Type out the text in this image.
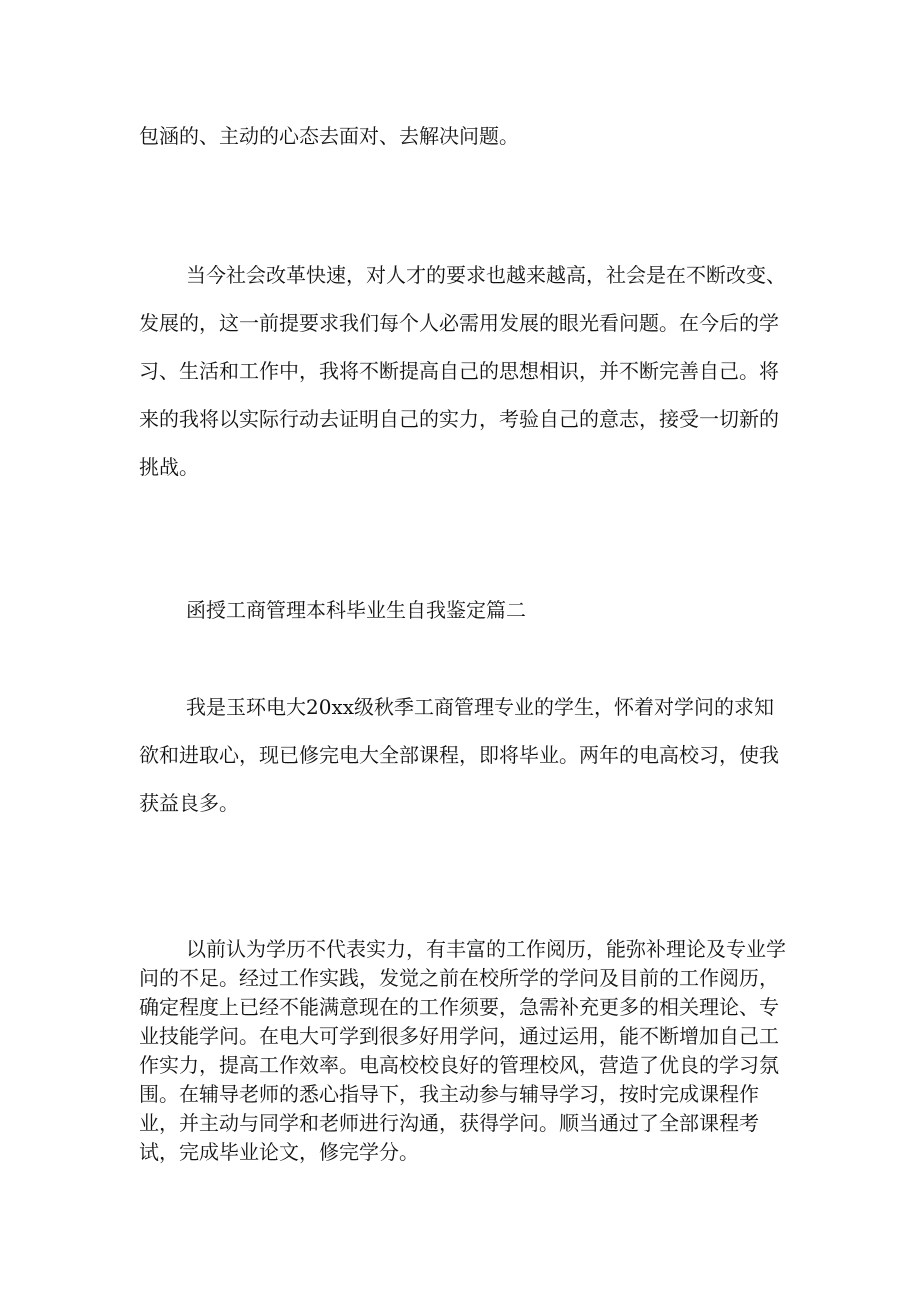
包涵的、主动的心态去面对、去解决问题。

当今社会改革快速，对人才的要求也越来越高，社会是在不断改变、发展的，这一前提要求我们每个人必需用发展的眼光看问题。在今后的学习、生活和工作中，我将不断提高自己的思想相识，并不断完善自己。将来的我将以实际行动去证明自己的实力，考验自己的意志，接受一切新的挑战。

函授工商管理本科毕业生自我鉴定篇二

我是玉环电大20xx级秋季工商管理专业的学生，怀着对学问的求知欲和进取心，现已修完电大全部课程，即将毕业。两年的电高校习，使我获益良多。

以前认为学历不代表实力，有丰富的工作阅历，能弥补理论及专业学问的不足。经过工作实践，发觉之前在校所学的学问及目前的工作阅历，确定程度上已经不能满意现在的工作须要，急需补充更多的相关理论、专业技能学问。在电大可学到很多好用学问，通过运用，能不断增加自己工作实力，提高工作效率。电高校校良好的管理校风，营造了优良的学习氛围。在辅导老师的悉心指导下，我主动参与辅导学习，按时完成课程作业，并主动与同学和老师进行沟通，获得学问。顺当通过了全部课程考试，完成毕业论文，修完学分。
